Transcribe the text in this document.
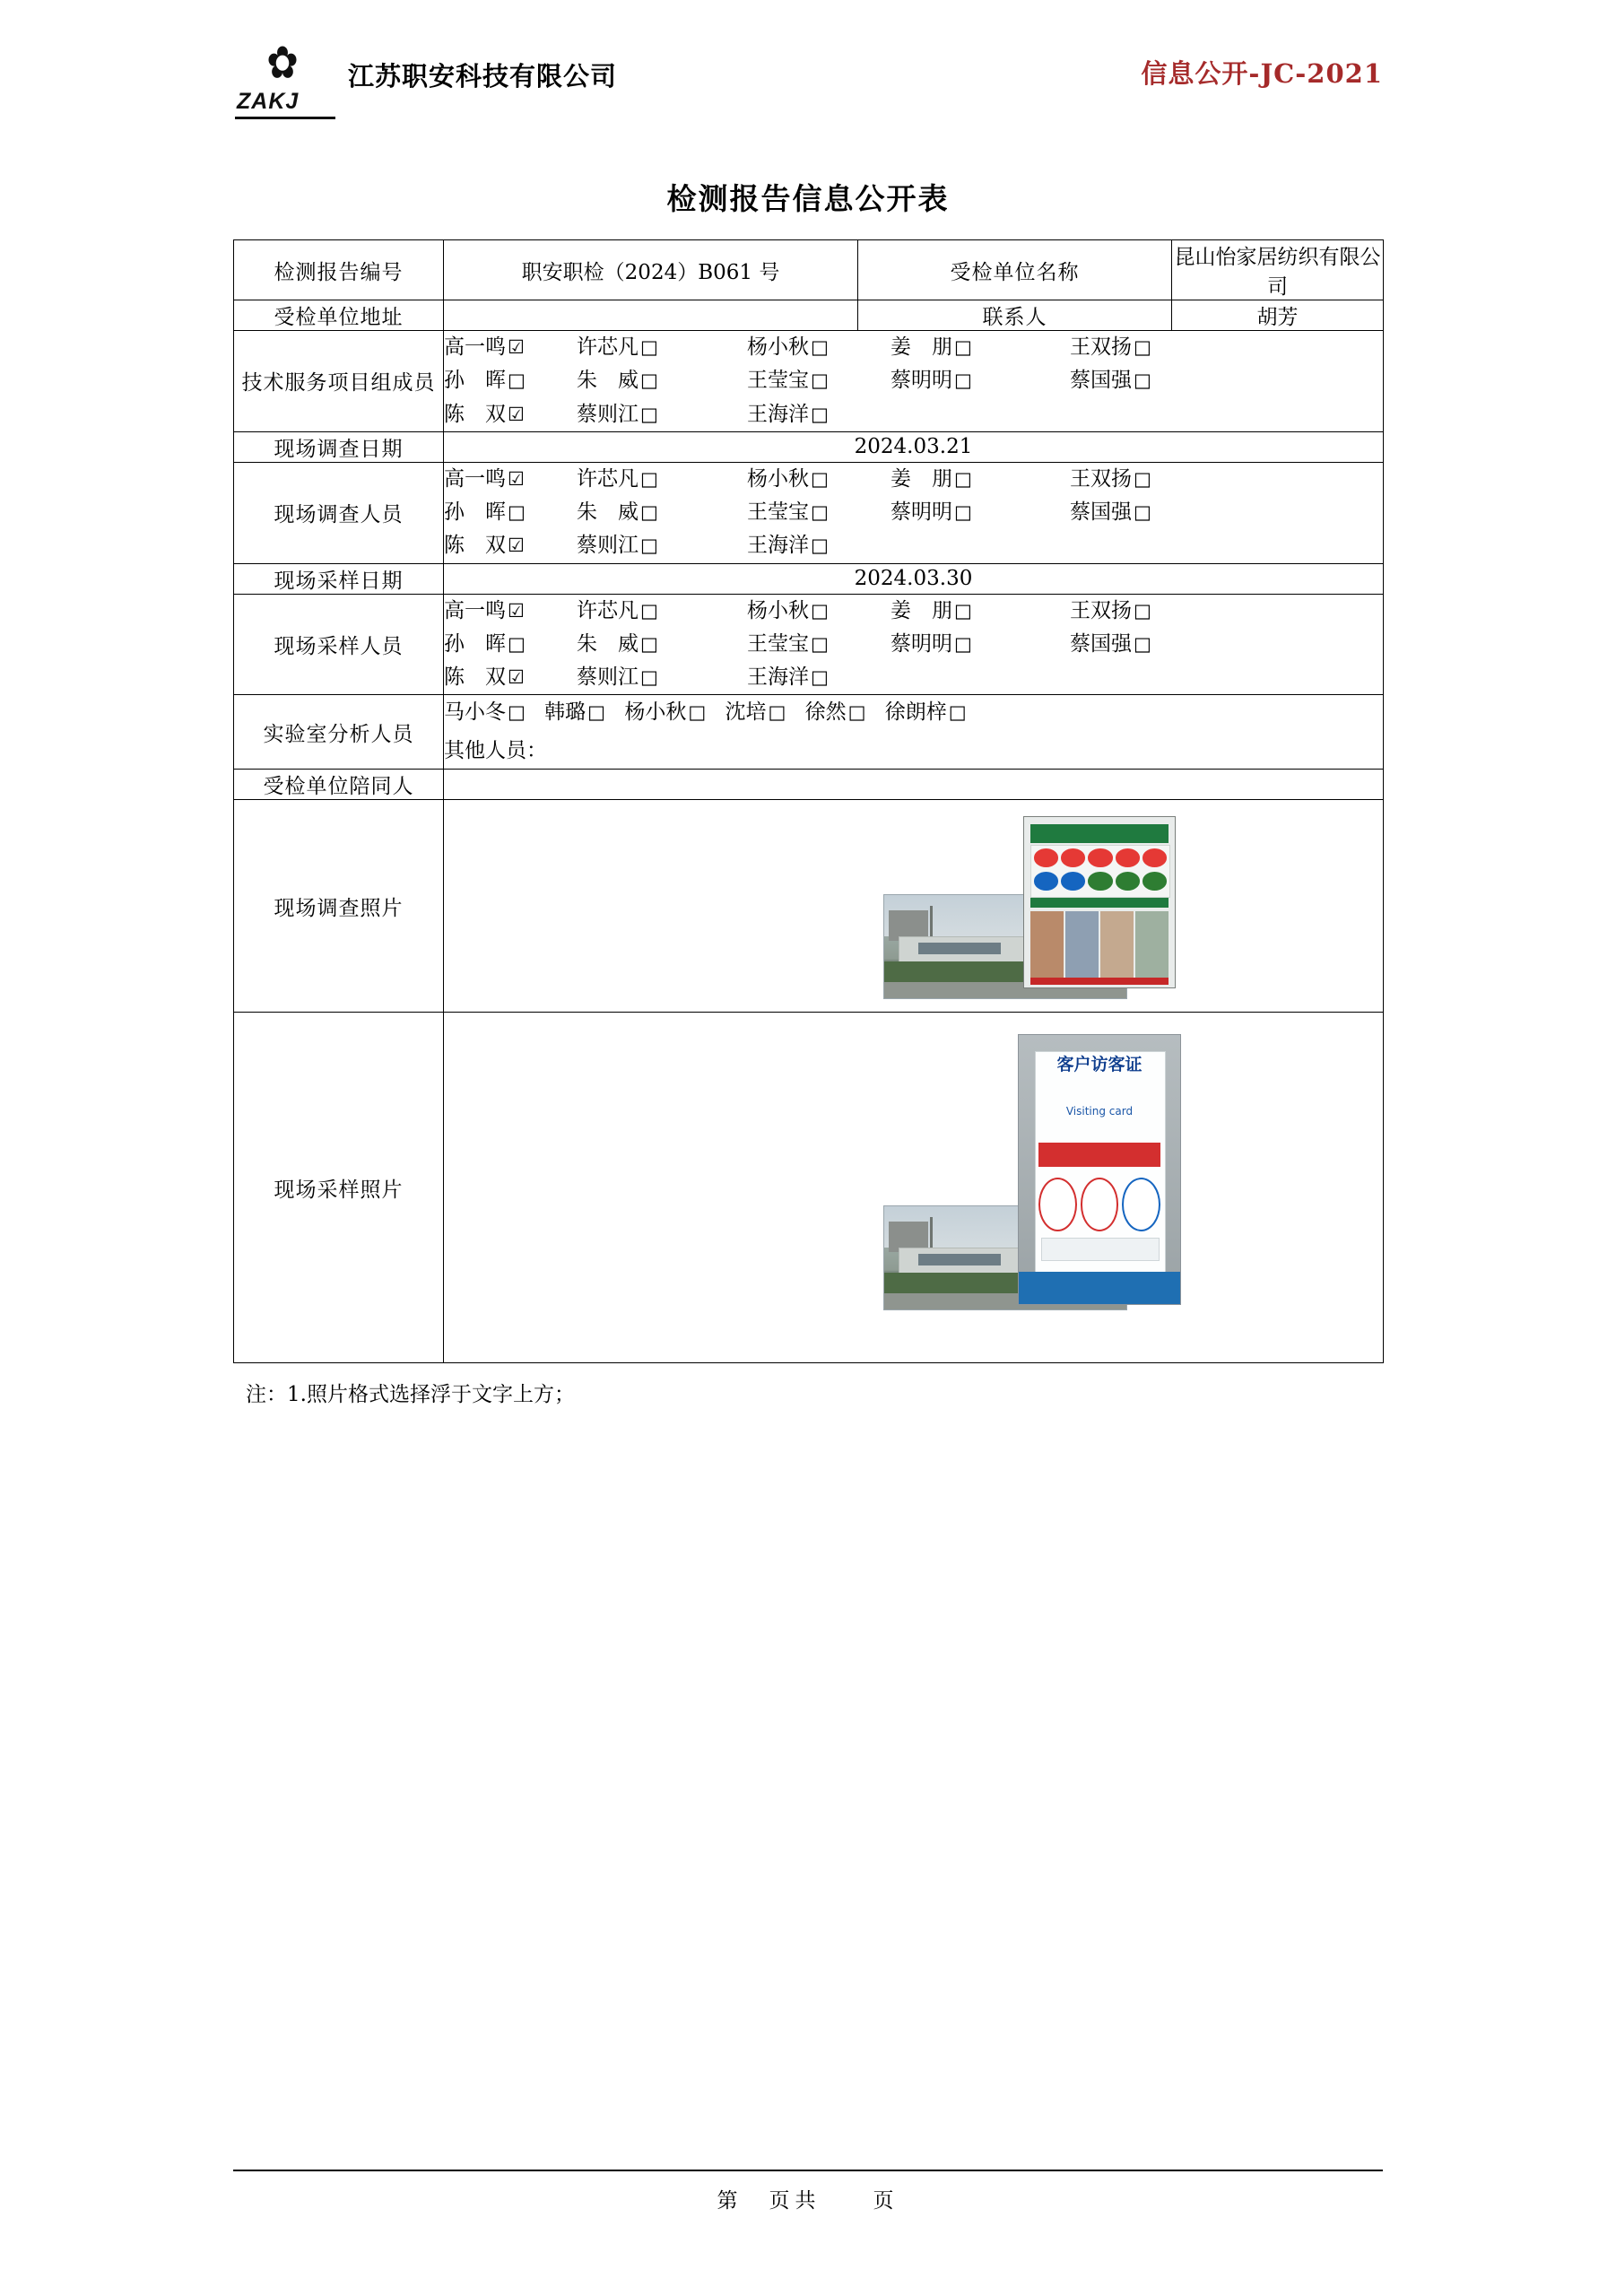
✿
ZAKJ
江苏职安科技有限公司	信息公开-JC-2021
检测报告信息公开表
检测报告编号	职安职检（2024）B061 号	受检单位名称	昆山怡家居纺织有限公司
受检单位地址		联系人	胡芳
技术服务项目组成员	
高一鸣☑	许芯凡□	杨小秋□	姜　朋□	王双扬□
孙　晖□	朱　威□	王莹宝□	蔡明明□	蔡国强□
陈　双☑	蔡则江□	王海洋□

现场调查日期	2024.03.21		
现场调查人员	
高一鸣☑	许芯凡□	杨小秋□	姜　朋□	王双扬□
孙　晖□	朱　威□	王莹宝□	蔡明明□	蔡国强□
陈　双☑	蔡则江□	王海洋□

现场采样日期	2024.03.30		
现场采样人员	
高一鸣☑	许芯凡□	杨小秋□	姜　朋□	王双扬□
孙　晖□	朱　威□	王莹宝□	蔡明明□	蔡国强□
陈　双☑	蔡则江□	王海洋□

实验室分析人员	马小冬□ 韩璐□ 杨小秋□ 沈培□ 徐然□ 徐朗梓□
其他人员：		

受检单位陪同人			
现场调查照片			

现场采样照片	客户访客证
Visiting card		
注：1.照片格式选择浮于文字上方；
第　页共　　页
